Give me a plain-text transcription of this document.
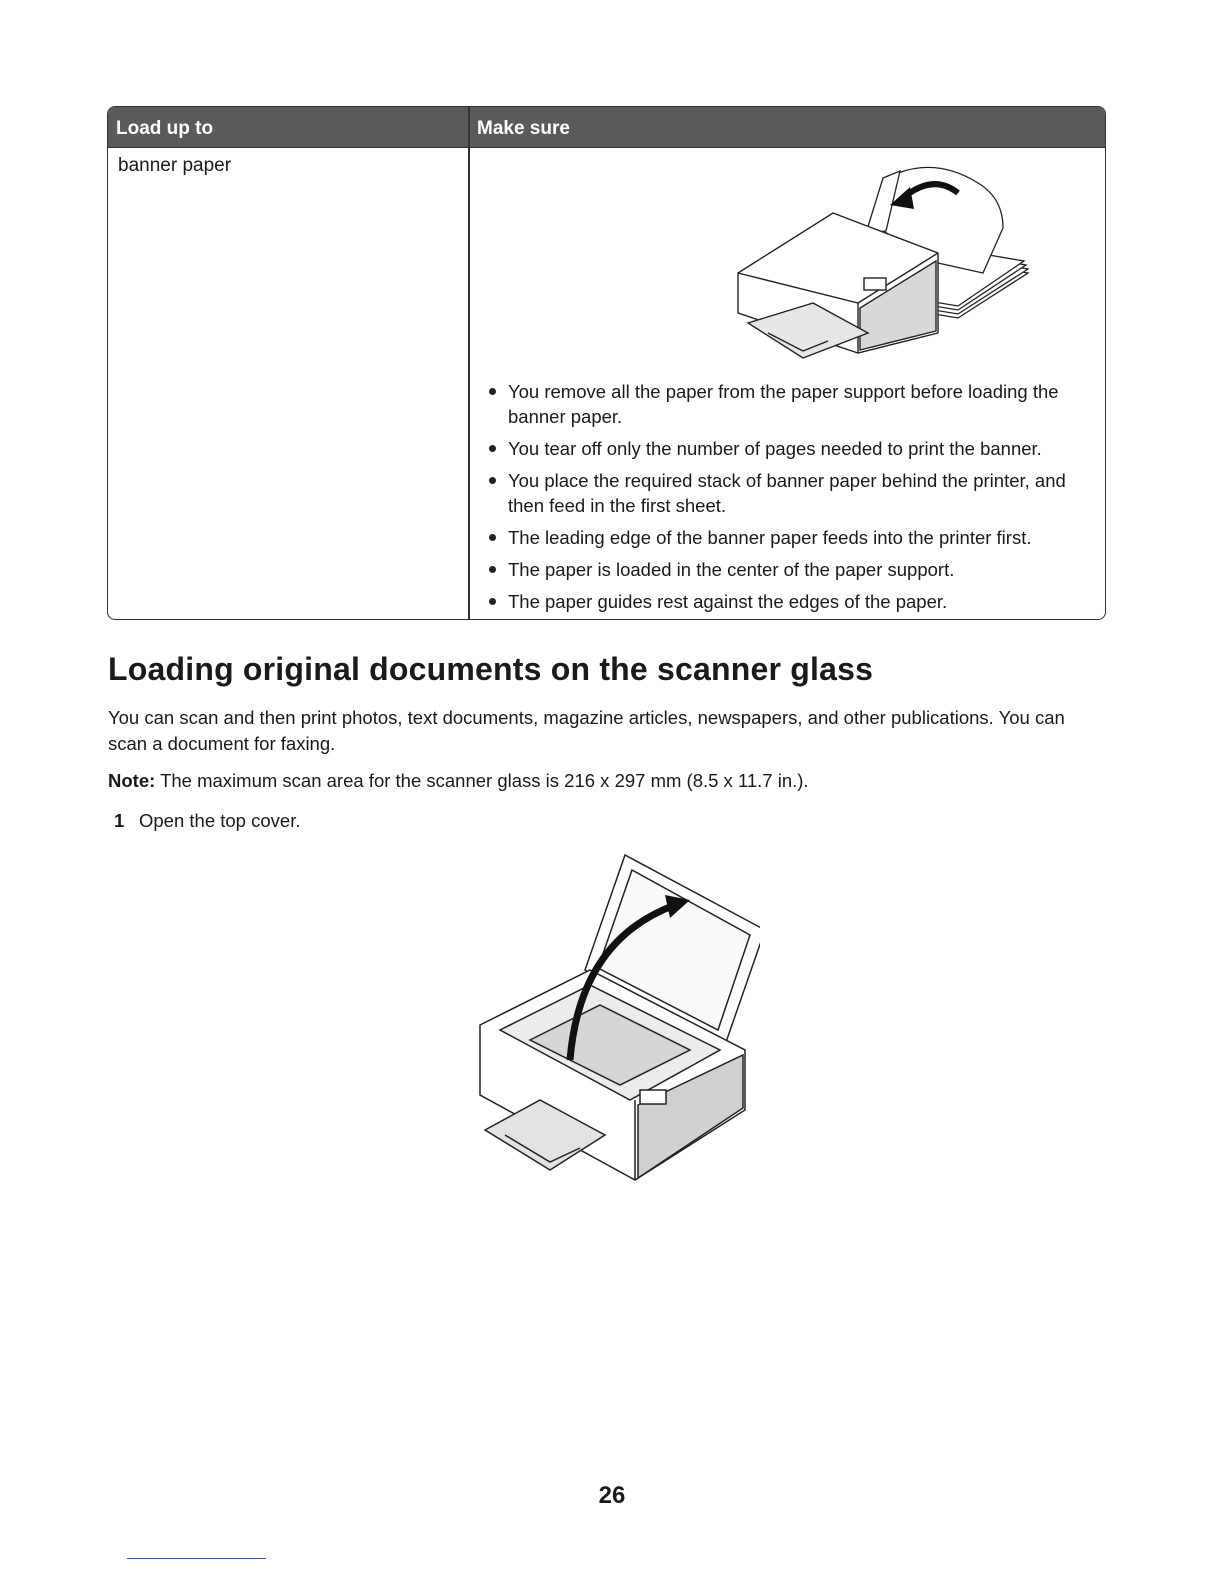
Load up to	Make sure
banner paper
You remove all the paper from the paper support before loading the banner paper.
You tear off only the number of pages needed to print the banner.
You place the required stack of banner paper behind the printer, and then feed in the first sheet.
The leading edge of the banner paper feeds into the printer first.
The paper is loaded in the center of the paper support.
The paper guides rest against the edges of the paper.
Loading original documents on the scanner glass

You can scan and then print photos, text documents, magazine articles, newspapers, and other publications. You can scan a document for faxing.

Note: The maximum scan area for the scanner glass is 216 x 297 mm (8.5 x 11.7 in.).

1 Open the top cover.

26
